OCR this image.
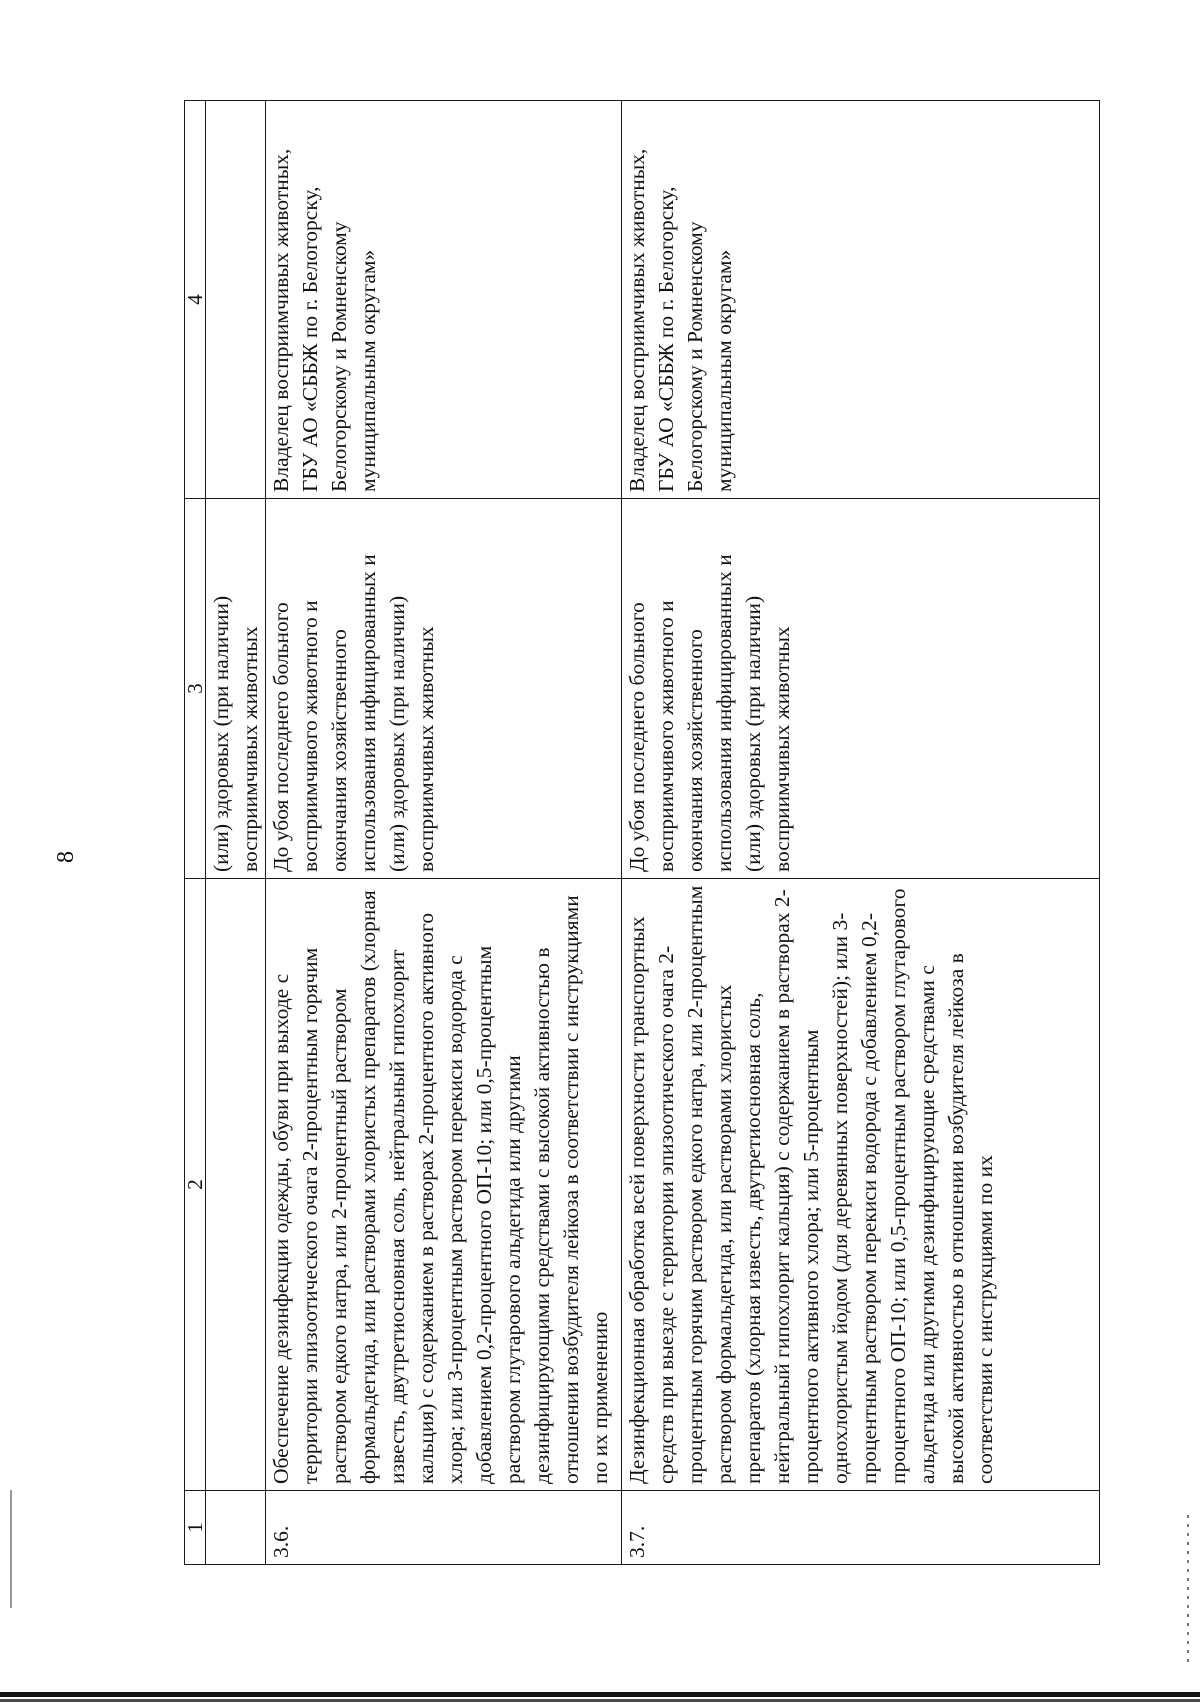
8
1	2	3	4
		(или) здоровых (при наличии) восприимчивых животных	
3.6.	Обеспечение дезинфекции одежды, обуви при выходе с территории эпизоотического очага 2-процентным горячим раствором едкого натра, или 2-процентный раствором формальдегида, или растворами хлористых препаратов (хлорная известь, двутретиосновная соль, нейтральный гипохлорит кальция) с содержанием в растворах 2-процентного активного хлора; или 3-процентным раствором перекиси водорода с добавлением 0,2-процентного ОП-10; или 0,5-процентным раствором глутарового альдегида или другими дезинфицирующими средствами с высокой активностью в отношении возбудителя лейкоза в соответствии с инструкциями по их применению	До убоя последнего больного восприимчивого животного и окончания хозяйственного использования инфицированных и (или) здоровых (при наличии) восприимчивых животных	Владелец восприимчивых животных, ГБУ АО «СББЖ по г. Белогорску, Белогорскому и Ромненскому муниципальным округам»
3.7.	Дезинфекционная обработка всей поверхности транспортных средств при выезде с территории эпизоотического очага 2-процентным горячим раствором едкого натра, или 2-процентным раствором формальдегида, или растворами хлористых препаратов (хлорная известь, двутретиосновная соль, нейтральный гипохлорит кальция) с содержанием в растворах 2-процентного активного хлора; или 5-процентным однохлористым йодом (для деревянных поверхностей); или 3-процентным раствором перекиси водорода с добавлением 0,2-процентного ОП-10; или 0,5-процентным раствором глутарового альдегида или другими дезинфицирующие средствами с высокой активностью в отношении возбудителя лейкоза в соответствии с инструкциями по их	До убоя последнего больного восприимчивого животного и окончания хозяйственного использования инфицированных и (или) здоровых (при наличии) восприимчивых животных	Владелец восприимчивых животных, ГБУ АО «СББЖ по г. Белогорску, Белогорскому и Ромненскому муниципальным округам»
